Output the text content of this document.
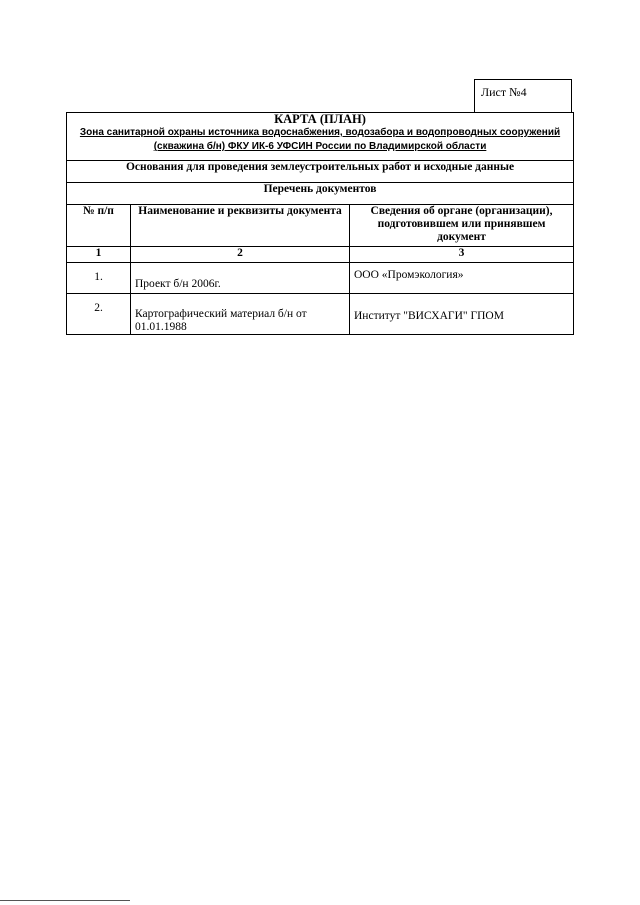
Лист №4
КАРТА (ПЛАН)
Зона санитарной охраны источника водоснабжения, водозабора и водопроводных сооружений
(скважина б/н) ФКУ ИК-6 УФСИН России по Владимирской области		

Основания для проведения землеустроительных работ и исходные данные		
Перечень документов		
№ п/п	Наименование и реквизиты документа	Сведения об органе (организации), подготовившем или принявшем документ
1	2	3
1.	Проект б/н 2006г.	ООО «Промэкология»
2.	Картографический материал б/н от 01.01.1988	Институт "ВИСХАГИ" ГПОМ
